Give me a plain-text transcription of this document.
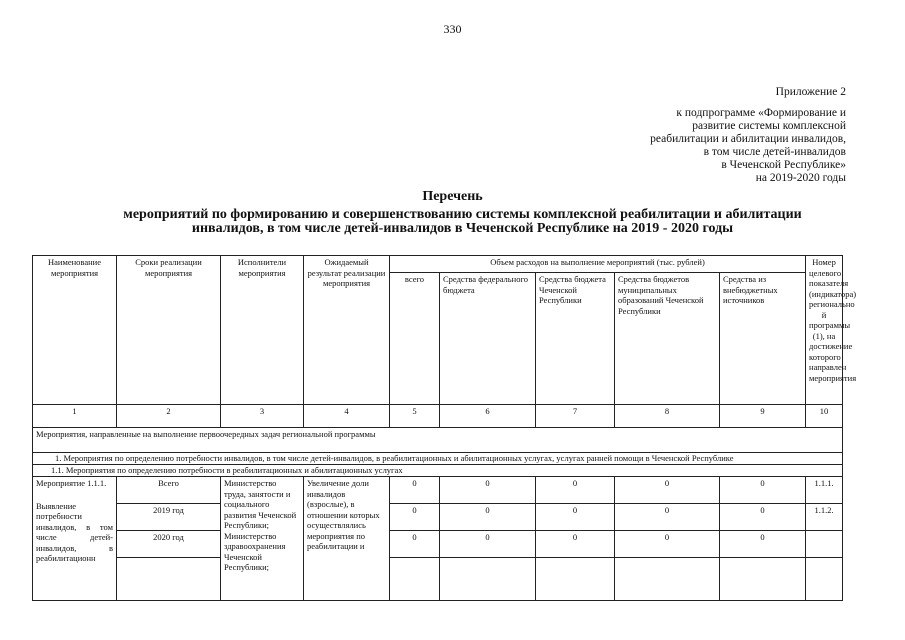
330
Приложение 2
к подпрограмме «Формирование и
развитие системы комплексной
реабилитации и абилитации инвалидов,
в том числе детей-инвалидов
в Чеченской Республике»
на 2019-2020 годы
Перечень
мероприятий по формированию и совершенствованию системы комплексной реабилитации и абилитации
инвалидов, в том числе детей-инвалидов в Чеченской Республике на 2019 - 2020 годы
Наименование мероприятия	Сроки реализации мероприятия	Исполнители мероприятия	Ожидаемый результат реализации мероприятия	Объем расходов на выполнение мероприятий (тыс. рублей)					Номер целевого показателя (индикатора) регионально й программы (1), на достижение которого направлен мероприятия
				всего	Средства федерального бюджета	Средства бюджета Чеченской Республики	Средства бюджетов муниципальных образований Чеченской Республики	Средства из внебюджетных источников	
1	2	3	4	5	6	7	8	9	10
Мероприятия, направленные на выполнение первоочередных задач региональной программы									
1. Мероприятия по определению потребности инвалидов, в том числе детей-инвалидов, в реабилитационных и абилитационных услугах, услугах ранней помощи в Чеченской Республике									
1.1. Мероприятия по определению потребности в реабилитационных и абилитационных услугах									

Мероприятие 1.1.1.
Выявление потребности инвалидов, в том числе детей-инвалидов, в реабилитационн	Всего	Министерство труда, занятости и социального развития Чеченской Республики; Министерство здравоохранения Чеченской Республики;	Увеличение доли инвалидов (взрослые), в отношении которых осуществлялись мероприятия по реабилитации и	0	0	0	0	0	1.1.1.
	2019 год			0	0	0	0	0	1.1.2.
	2020 год			0	0	0	0	0	
